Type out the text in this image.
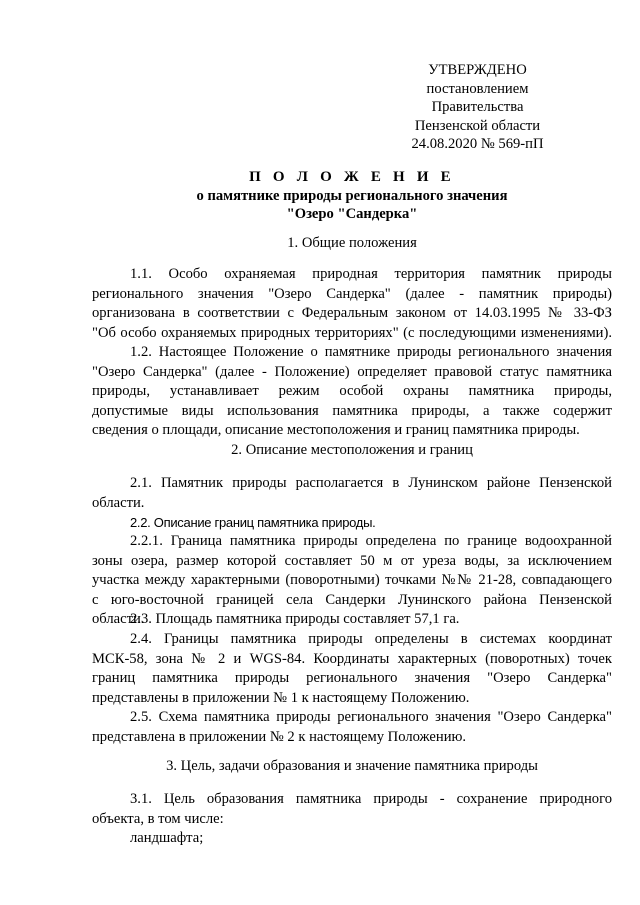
УТВЕРЖДЕНО
постановлением Правительства
Пензенской области
24.08.2020 № 569-пП
П О Л О Ж Е Н И Е
о памятнике природы регионального значения
"Озеро "Сандерка"
1. Общие положения
1.1. Особо охраняемая природная территория памятник природы
регионального значения "Озеро Сандерка" (далее - памятник природы)
организована в соответствии с Федеральным законом от 14.03.1995 № 33-ФЗ
"Об особо охраняемых природных территориях" (с последующими изменениями).
1.2. Настоящее Положение о памятнике природы регионального значения
"Озеро Сандерка" (далее - Положение) определяет правовой статус памятника
природы, устанавливает режим особой охраны памятника природы,
допустимые виды использования памятника природы, а также содержит
сведения о площади, описание местоположения и границ памятника природы.
2. Описание местоположения и границ
2.1. Памятник природы располагается в Лунинском районе Пензенской
области.
2.2. Описание границ памятника природы.
2.2.1. Граница памятника природы определена по границе водоохранной
зоны озера, размер которой составляет 50 м от уреза воды, за исключением
участка между характерными (поворотными) точками №№ 21-28, совпадающего
с юго-восточной границей села Сандерки Лунинского района Пензенской
области.
2.3. Площадь памятника природы составляет 57,1 га.
2.4. Границы памятника природы определены в системах координат
МСК-58, зона № 2 и WGS-84. Координаты характерных (поворотных) точек
границ памятника природы регионального значения "Озеро Сандерка"
представлены в приложении № 1 к настоящему Положению.
2.5. Схема памятника природы регионального значения "Озеро Сандерка"
представлена в приложении № 2 к настоящему Положению.
3. Цель, задачи образования и значение памятника природы
3.1. Цель образования памятника природы - сохранение природного
объекта, в том числе:
ландшафта;
